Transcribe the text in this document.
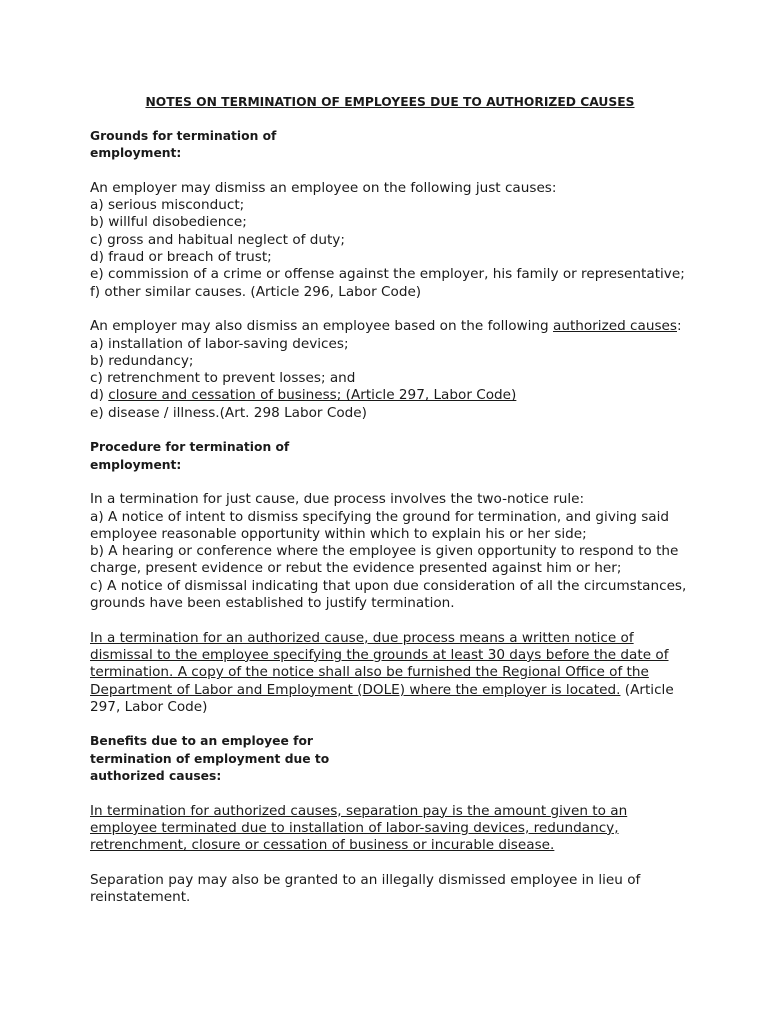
NOTES ON TERMINATION OF EMPLOYEES DUE TO AUTHORIZED CAUSES
Grounds for termination of
employment:
An employer may dismiss an employee on the following just causes:
a) serious misconduct;
b) willful disobedience;
c) gross and habitual neglect of duty;
d) fraud or breach of trust;
e) commission of a crime or offense against the employer, his family or representative;
f) other similar causes. (Article 296, Labor Code)
An employer may also dismiss an employee based on the following authorized causes:
a) installation of labor-saving devices;
b) redundancy;
c) retrenchment to prevent losses; and
d) closure and cessation of business; (Article 297, Labor Code)
e) disease / illness.(Art. 298 Labor Code)
Procedure for termination of
employment:
In a termination for just cause, due process involves the two-notice rule:
a) A notice of intent to dismiss specifying the ground for termination, and giving said
employee reasonable opportunity within which to explain his or her side;
b) A hearing or conference where the employee is given opportunity to respond to the
charge, present evidence or rebut the evidence presented against him or her;
c) A notice of dismissal indicating that upon due consideration of all the circumstances,
grounds have been established to justify termination.
In a termination for an authorized cause, due process means a written notice of
dismissal to the employee specifying the grounds at least 30 days before the date of
termination. A copy of the notice shall also be furnished the Regional Office of the
Department of Labor and Employment (DOLE) where the employer is located. (Article
297, Labor Code)
Benefits due to an employee for
termination of employment due to
authorized causes:
In termination for authorized causes, separation pay is the amount given to an
employee terminated due to installation of labor-saving devices, redundancy,
retrenchment, closure or cessation of business or incurable disease.
Separation pay may also be granted to an illegally dismissed employee in lieu of
reinstatement.
